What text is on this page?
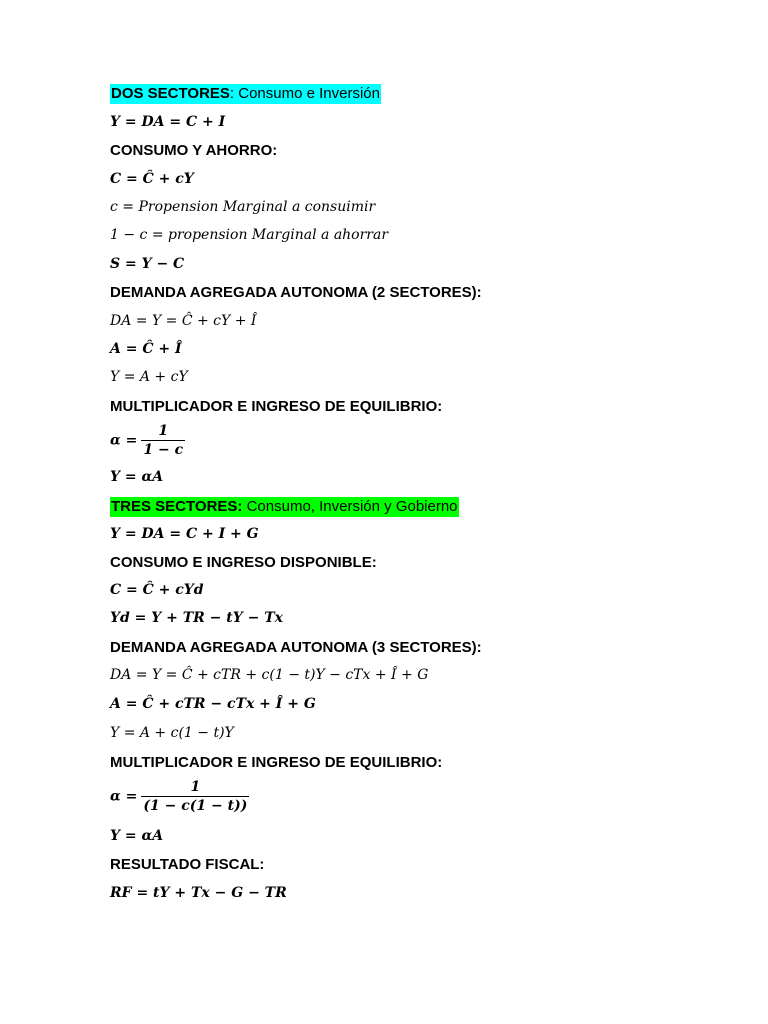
DOS SECTORES: Consumo e Inversión
Y = DA = C + I
CONSUMO Y AHORRO:
C = Ĉ + cY
c = Propension Marginal a consuimir
1 − c = propension Marginal a ahorrar
S = Y − C
DEMANDA AGREGADA AUTONOMA (2 SECTORES):
DA = Y = Ĉ + cY + Î
A = Ĉ + Î
Y = A + cY
MULTIPLICADOR E INGRESO DE EQUILIBRIO:
$\alpha = \frac{1}{1 - c}$
Y = αA
TRES SECTORES: Consumo, Inversión y Gobierno
Y = DA = C + I + G
CONSUMO E INGRESO DISPONIBLE:
C = Ĉ + cYd
Yd = Y + TR − tY − Tx
DEMANDA AGREGADA AUTONOMA (3 SECTORES):
DA = Y = Ĉ + cTR + c(1 − t)Y − cTx + Î + G
A = Ĉ + cTR − cTx + Î + G
Y = A + c(1 − t)Y
MULTIPLICADOR E INGRESO DE EQUILIBRIO:
$\alpha = \frac{1}{(1 - c(1 - t))}$
Y = αA
RESULTADO FISCAL:
RF = tY + Tx − G − TR
